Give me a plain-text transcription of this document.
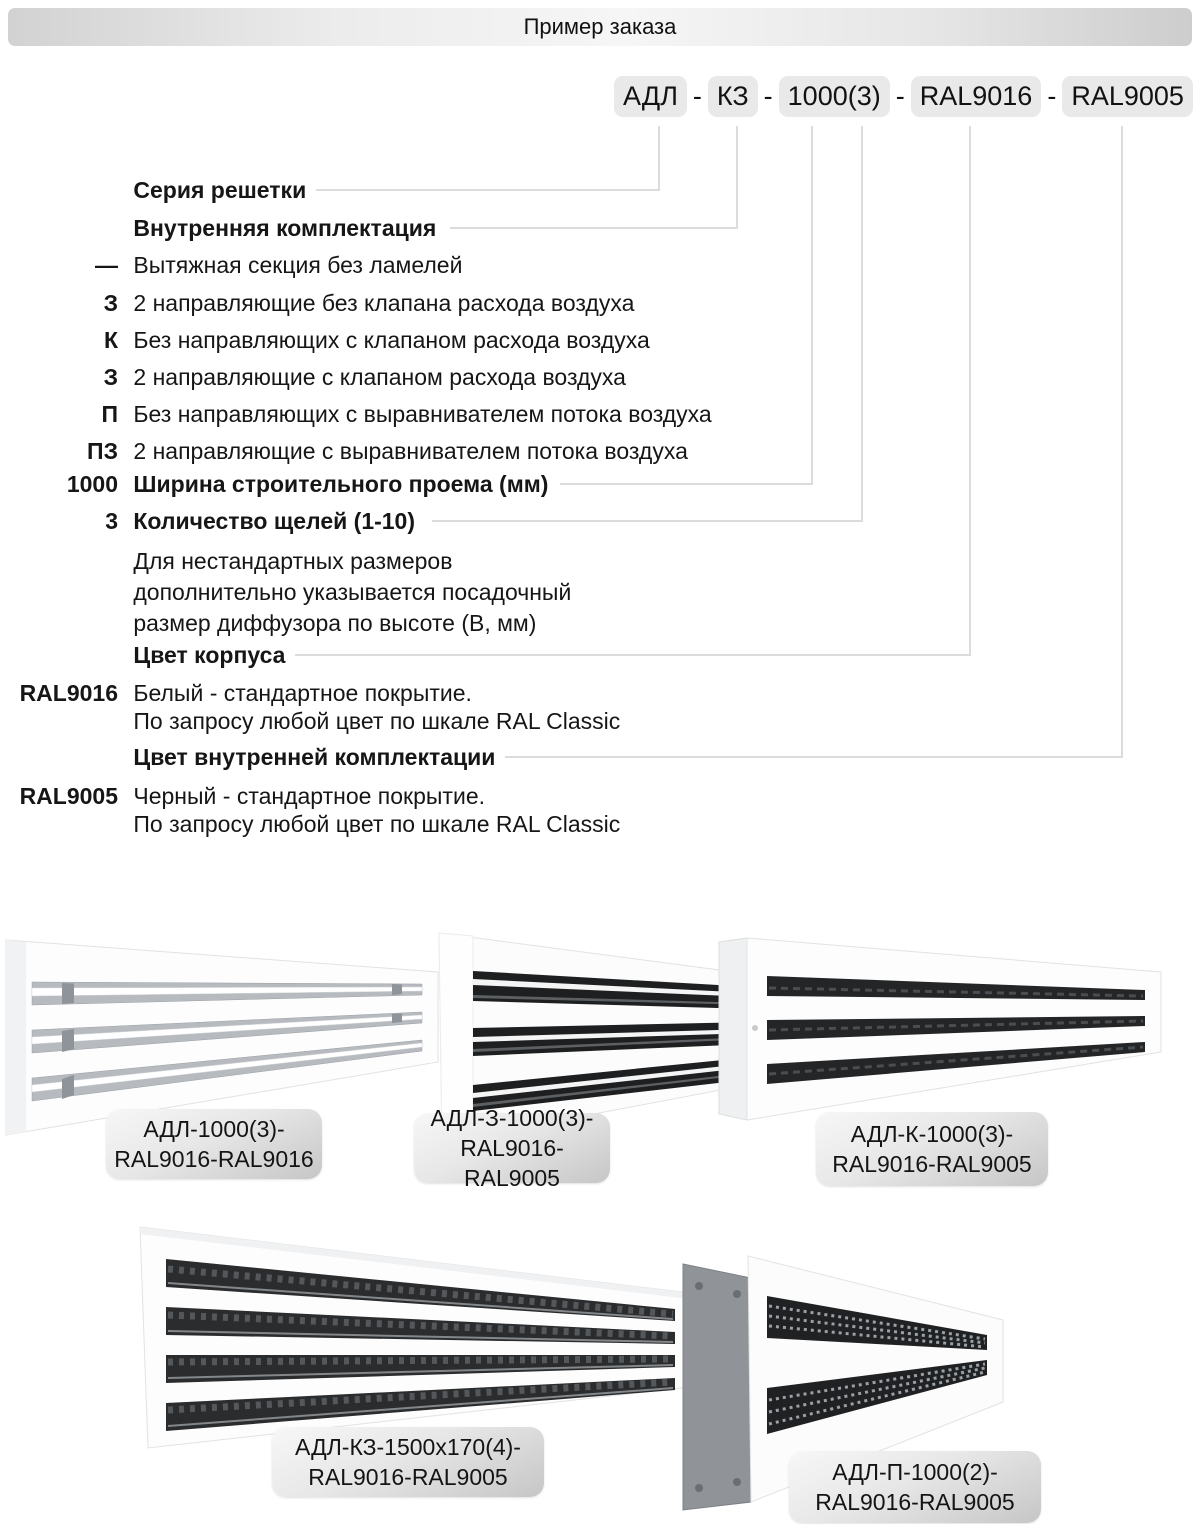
Пример заказа
АДЛ - КЗ - 1000(3) - RAL9016 - RAL9005
Серия решетки
Внутренняя комплектация
— Вытяжная секция без ламелей
З 2 направляющие без клапана расхода воздуха
К Без направляющих с клапаном расхода воздуха
З 2 направляющие с клапаном расхода воздуха
П Без направляющих с выравнивателем потока воздуха
ПЗ 2 направляющие с выравнивателем потока воздуха
1000 Ширина строительного проема (мм)
3 Количество щелей (1-10)
Для нестандартных размеров
дополнительно указывается посадочный
размер диффузора по высоте (В, мм)
Цвет корпуса
RAL9016 Белый - стандартное покрытие.
По запросу любой цвет по шкале RAL Classic
Цвет внутренней комплектации
RAL9005 Черный - стандартное покрытие.
По запросу любой цвет по шкале RAL Classic
АДЛ-1000(3)-
RAL9016-RAL9016
АДЛ-З-1000(3)-
RAL9016-RAL9005
АДЛ-К-1000(3)-
RAL9016-RAL9005
АДЛ-КЗ-1500х170(4)-
RAL9016-RAL9005	АДЛ-П-1000(2)-
RAL9016-RAL9005
